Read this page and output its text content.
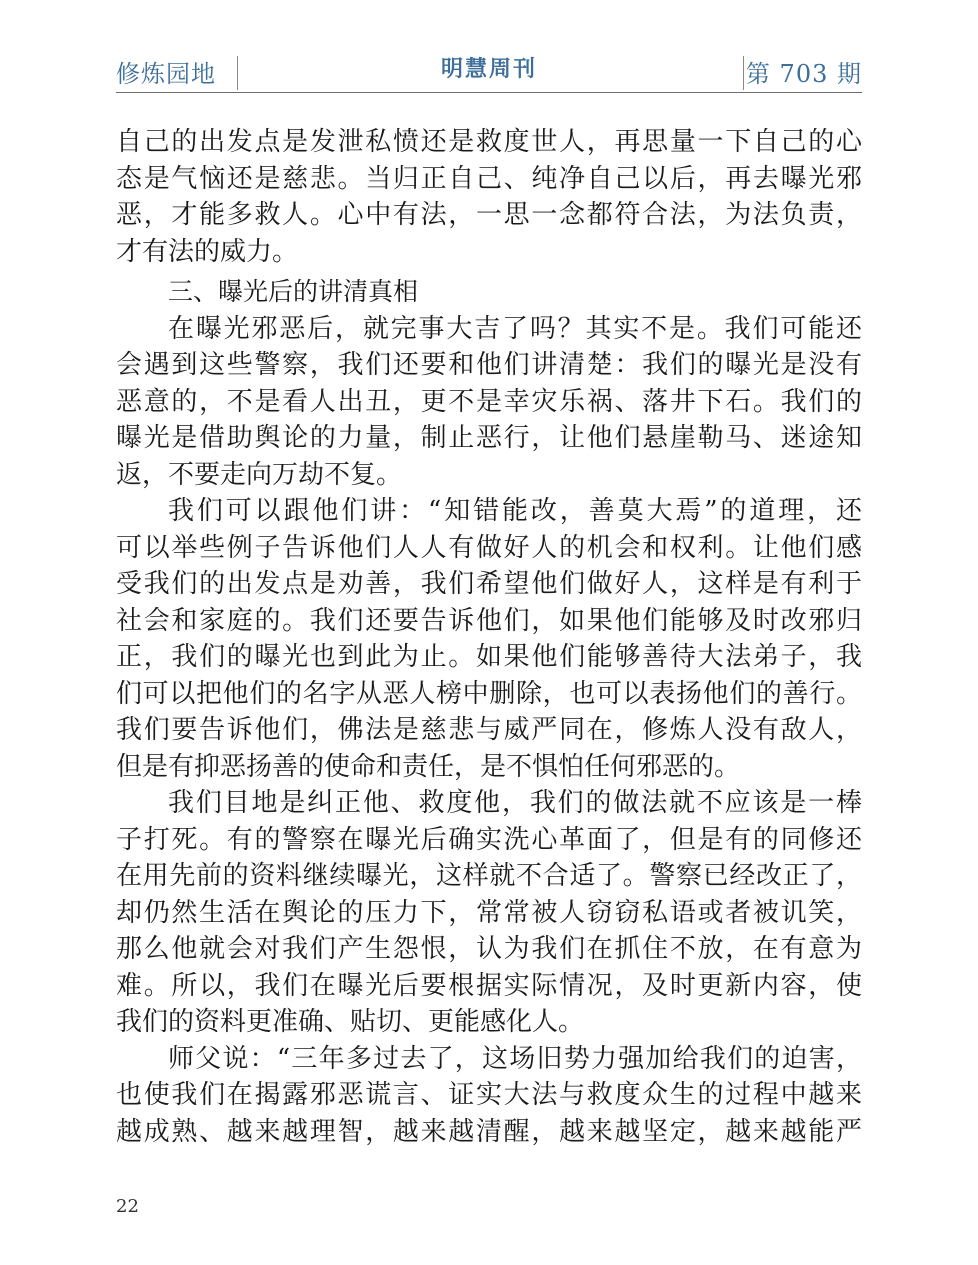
修炼园地	明慧周刊	第 703 期
自己的出发点是发泄私愤还是救度世人，再思量一下自己的心
态是气恼还是慈悲。当归正自己、纯净自己以后，再去曝光邪
恶，才能多救人。心中有法，一思一念都符合法，为法负责，
才有法的威力。
三、曝光后的讲清真相
在曝光邪恶后，就完事大吉了吗？其实不是。我们可能还
会遇到这些警察，我们还要和他们讲清楚：我们的曝光是没有
恶意的，不是看人出丑，更不是幸灾乐祸、落井下石。我们的
曝光是借助舆论的力量，制止恶行，让他们悬崖勒马、迷途知
返，不要走向万劫不复。
我们可以跟他们讲：“知错能改，善莫大焉”的道理，还
可以举些例子告诉他们人人有做好人的机会和权利。让他们感
受我们的出发点是劝善，我们希望他们做好人，这样是有利于
社会和家庭的。我们还要告诉他们，如果他们能够及时改邪归
正，我们的曝光也到此为止。如果他们能够善待大法弟子，我
们可以把他们的名字从恶人榜中删除，也可以表扬他们的善行。
我们要告诉他们，佛法是慈悲与威严同在，修炼人没有敌人，
但是有抑恶扬善的使命和责任，是不惧怕任何邪恶的。
我们目地是纠正他、救度他，我们的做法就不应该是一棒
子打死。有的警察在曝光后确实洗心革面了，但是有的同修还
在用先前的资料继续曝光，这样就不合适了。警察已经改正了，
却仍然生活在舆论的压力下，常常被人窃窃私语或者被讥笑，
那么他就会对我们产生怨恨，认为我们在抓住不放，在有意为
难。所以，我们在曝光后要根据实际情况，及时更新内容，使
我们的资料更准确、贴切、更能感化人。
师父说：“三年多过去了，这场旧势力强加给我们的迫害，
也使我们在揭露邪恶谎言、证实大法与救度众生的过程中越来
越成熟、越来越理智，越来越清醒，越来越坚定，越来越能严
22
